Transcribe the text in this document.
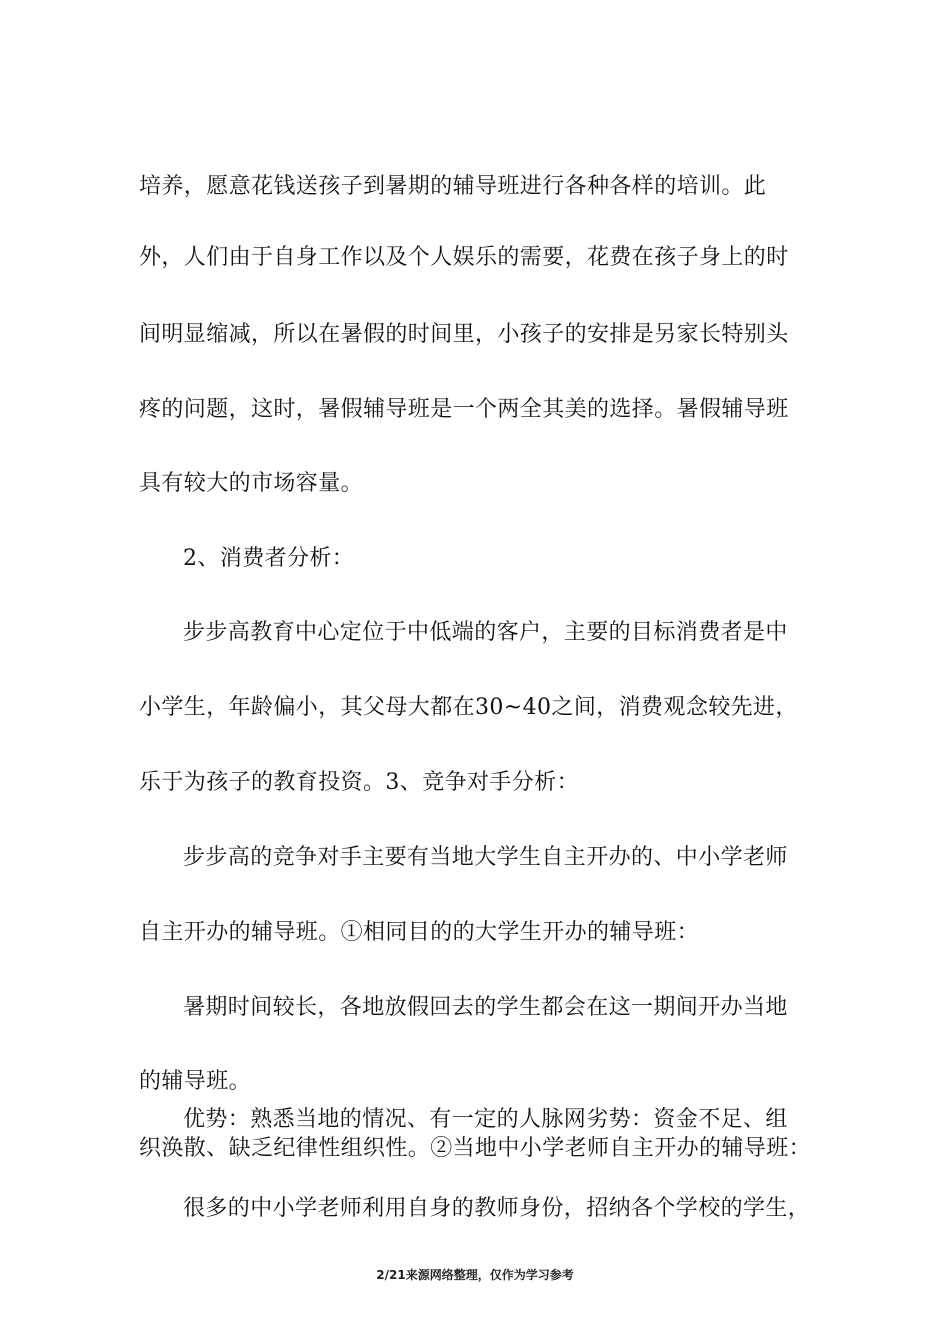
培养，愿意花钱送孩子到暑期的辅导班进行各种各样的培训。此
外，人们由于自身工作以及个人娱乐的需要，花费在孩子身上的时
间明显缩减，所以在暑假的时间里，小孩子的安排是另家长特别头
疼的问题，这时，暑假辅导班是一个两全其美的选择。暑假辅导班
具有较大的市场容量。
2、消费者分析：
步步高教育中心定位于中低端的客户，主要的目标消费者是中
小学生，年龄偏小，其父母大都在30~40之间，消费观念较先进，
乐于为孩子的教育投资。3、竞争对手分析：
步步高的竞争对手主要有当地大学生自主开办的、中小学老师
自主开办的辅导班。①相同目的的大学生开办的辅导班：
暑期时间较长，各地放假回去的学生都会在这一期间开办当地
的辅导班。
优势：熟悉当地的情况、有一定的人脉网劣势：资金不足、组
织涣散、缺乏纪律性组织性。②当地中小学老师自主开办的辅导班：
很多的中小学老师利用自身的教师身份，招纳各个学校的学生，
2/21来源网络整理，仅作为学习参考
